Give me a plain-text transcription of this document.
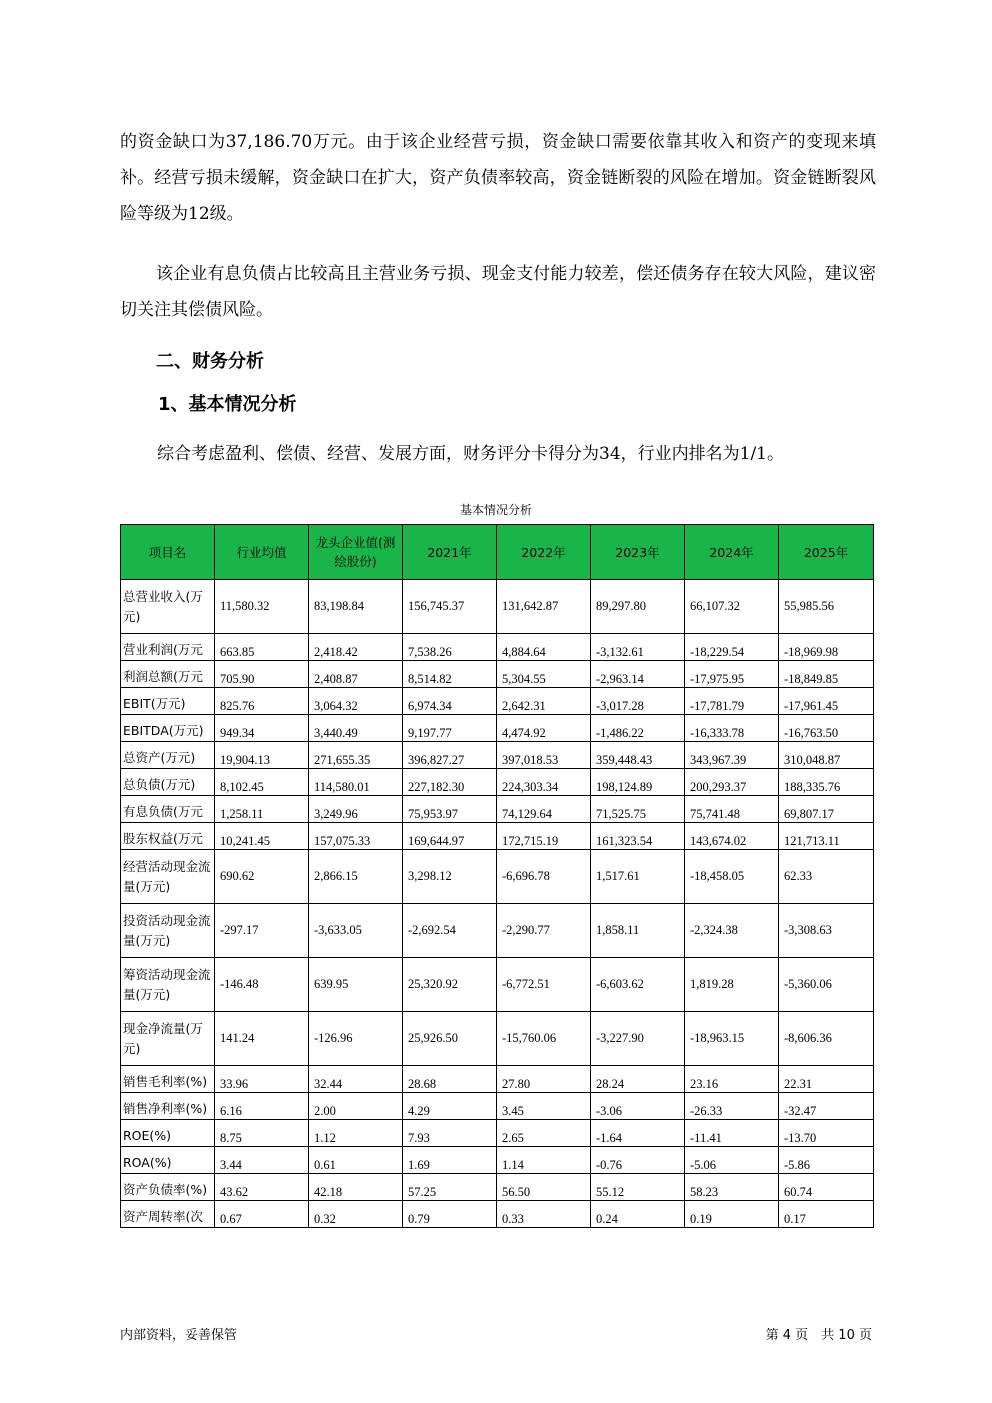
的资金缺口为37,186.70万元。由于该企业经营亏损，资金缺口需要依靠其收入和资产的变现来填补。经营亏损未缓解，资金缺口在扩大，资产负债率较高，资金链断裂的风险在增加。资金链断裂风险等级为12级。

该企业有息负债占比较高且主营业务亏损、现金支付能力较差，偿还债务存在较大风险，建议密切关注其偿债风险。

二、财务分析
1、基本情况分析

综合考虑盈利、偿债、经营、发展方面，财务评分卡得分为34，行业内排名为1/1。

基本情况分析
项目名	行业均值	龙头企业值(测绘股份)	2021年	2022年	2023年	2024年	2025年
总营业收入(万元)	11,580.32	83,198.84	156,745.37	131,642.87	89,297.80	66,107.32	55,985.56
营业利润(万元	663.85	2,418.42	7,538.26	4,884.64	-3,132.61	-18,229.54	-18,969.98
利润总额(万元	705.90	2,408.87	8,514.82	5,304.55	-2,963.14	-17,975.95	-18,849.85
EBIT(万元)	825.76	3,064.32	6,974.34	2,642.31	-3,017.28	-17,781.79	-17,961.45
EBITDA(万元)	949.34	3,440.49	9,197.77	4,474.92	-1,486.22	-16,333.78	-16,763.50
总资产(万元)	19,904.13	271,655.35	396,827.27	397,018.53	359,448.43	343,967.39	310,048.87
总负债(万元)	8,102.45	114,580.01	227,182.30	224,303.34	198,124.89	200,293.37	188,335.76
有息负债(万元	1,258.11	3,249.96	75,953.97	74,129.64	71,525.75	75,741.48	69,807.17
股东权益(万元	10,241.45	157,075.33	169,644.97	172,715.19	161,323.54	143,674.02	121,713.11
经营活动现金流量(万元)	690.62	2,866.15	3,298.12	-6,696.78	1,517.61	-18,458.05	62.33
投资活动现金流量(万元)	-297.17	-3,633.05	-2,692.54	-2,290.77	1,858.11	-2,324.38	-3,308.63
筹资活动现金流量(万元)	-146.48	639.95	25,320.92	-6,772.51	-6,603.62	1,819.28	-5,360.06
现金净流量(万元)	141.24	-126.96	25,926.50	-15,760.06	-3,227.90	-18,963.15	-8,606.36
销售毛利率(%)	33.96	32.44	28.68	27.80	28.24	23.16	22.31
销售净利率(%)	6.16	2.00	4.29	3.45	-3.06	-26.33	-32.47
ROE(%)	8.75	1.12	7.93	2.65	-1.64	-11.41	-13.70
ROA(%)	3.44	0.61	1.69	1.14	-0.76	-5.06	-5.86
资产负债率(%)	43.62	42.18	57.25	56.50	55.12	58.23	60.74
资产周转率(次	0.67	0.32	0.79	0.33	0.24	0.19	0.17
内部资料，妥善保管	第 4 页　共 10 页
